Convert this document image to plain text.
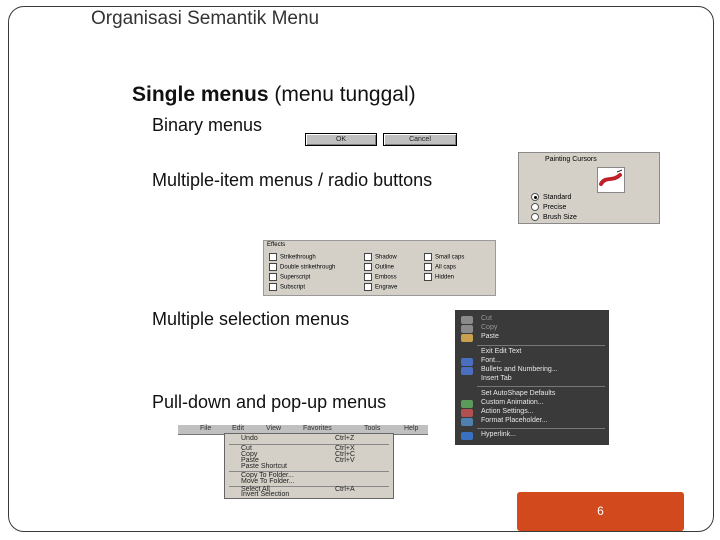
Organisasi Semantik Menu
Single menus (menu tunggal)
Binary menus
OK	Cancel
Multiple-item menus / radio buttons
Painting Cursors
Standard
Precise
Brush Size
Effects
Strikethrough
Double strikethrough
Superscript
Subscript
Shadow
Outline
Emboss
Engrave
Small caps
All caps
Hidden
Multiple selection menus	Cut
Copy
Paste
Exit Edit Text
Font...
Bullets and Numbering...
Insert Tab
Set AutoShape Defaults
Custom Animation...
Action Settings...
Format Placeholder...
Hyperlink...
Pull-down and pop-up menus
File	Edit	View	Favorites	Tools	Help
Undo	Ctrl+Z
Cut	Ctrl+X
Copy	Ctrl+C
Paste	Ctrl+V
Paste Shortcut
Copy To Folder...
Move To Folder...
Select All	Ctrl+A
Invert Selection
6
